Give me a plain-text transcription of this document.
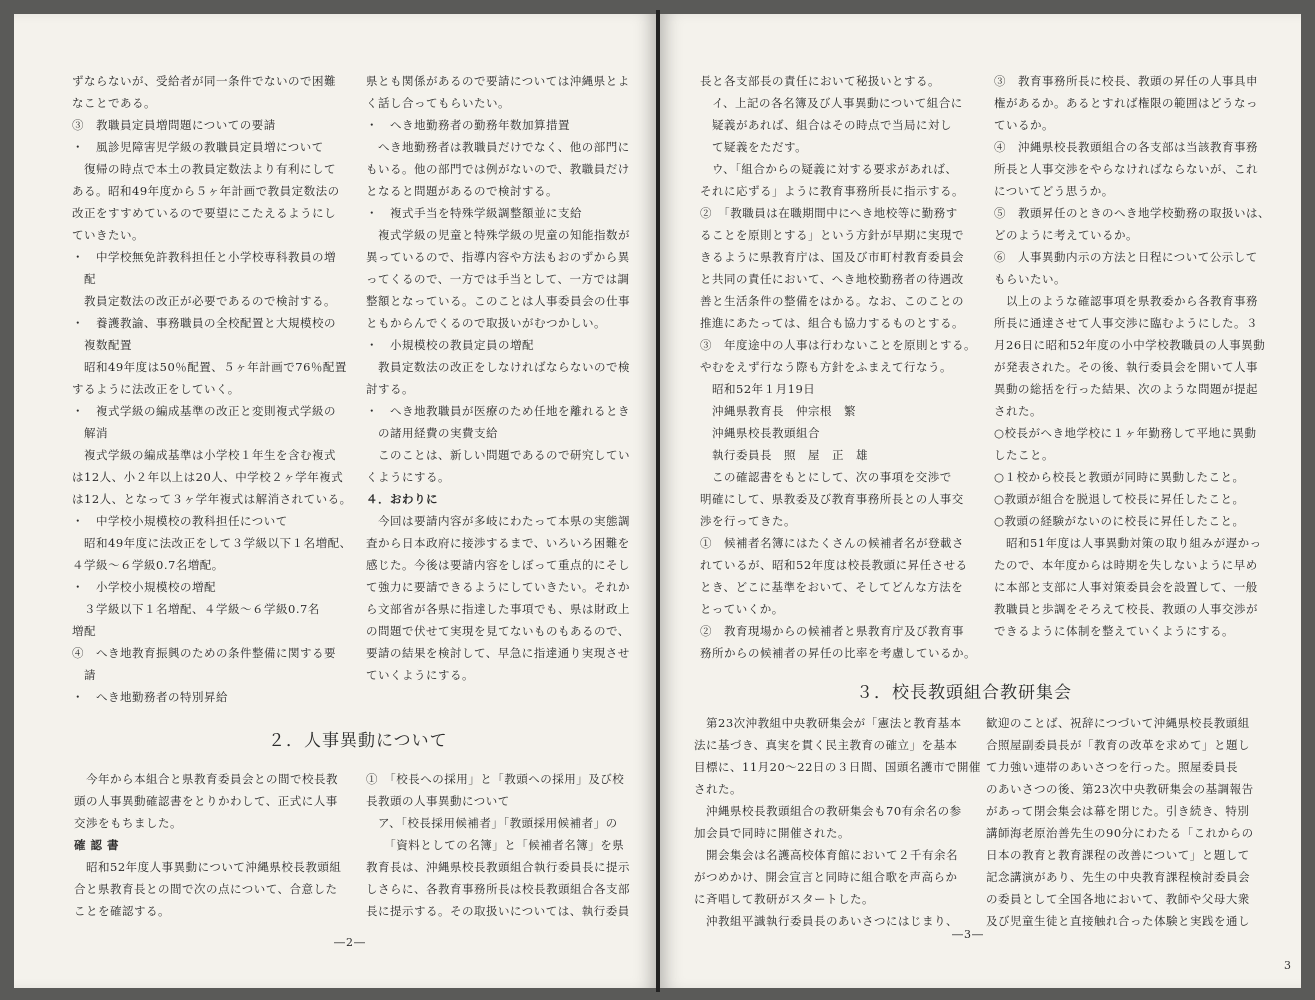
ずならないが、受給者が同一条件でないので困難

なことである。

③　教職員定員増問題についての要請

・　風診児障害児学級の教職員定員増について

　復帰の時点で本土の教員定数法より有利にして

ある。昭和49年度から５ヶ年計画で教員定数法の

改正をすすめているので要望にこたえるようにし

ていきたい。

・　中学校無免許教科担任と小学校専科教員の増

　配

　教員定数法の改正が必要であるので検討する。

・　養護教諭、事務職員の全校配置と大規模校の

　複数配置

　昭和49年度は50％配置、５ヶ年計画で76％配置

するように法改正をしていく。

・　複式学級の編成基準の改正と変則複式学級の

　解消

　複式学級の編成基準は小学校１年生を含む複式

は12人、小２年以上は20人、中学校２ヶ学年複式

は12人、となって３ヶ学年複式は解消されている。

・　中学校小規模校の教科担任について

　昭和49年度に法改正をして３学級以下１名増配、

４学級～６学級0.7名増配。

・　小学校小規模校の増配

　３学級以下１名増配、４学級～６学級0.7名

増配

④　へき地教育振興のための条件整備に関する要

　請

・　へき地勤務者の特別昇給

県とも関係があるので要請については沖縄県とよ

く話し合ってもらいたい。

・　へき地勤務者の勤務年数加算措置

　へき地勤務者は教職員だけでなく、他の部門に

もいる。他の部門では例がないので、教職員だけ

となると問題があるので検討する。

・　複式手当を特殊学級調整額並に支給

　複式学級の児童と特殊学級の児童の知能指数が

異っているので、指導内容や方法もおのずから異

ってくるので、一方では手当として、一方では調

整額となっている。このことは人事委員会の仕事

ともからんでくるので取扱いがむつかしい。

・　小規模校の教員定員の増配

　教員定数法の改正をしなければならないので検

討する。

・　へき地教職員が医療のため任地を離れるとき

　の諸用経費の実費支給

　このことは、新しい問題であるので研究してい

くようにする。

４．おわりに

　今回は要請内容が多岐にわたって本県の実態調

査から日本政府に接渉するまで、いろいろ困難を

感じた。今後は要請内容をしぼって重点的にそし

て強力に要請できるようにしていきたい。それか

ら文部省が各県に指達した事項でも、県は財政上

の問題で伏せて実現を見てないものもあるので、

要請の結果を検討して、早急に指達通り実現させ

ていくようにする。

２．人事異動について

　今年から本組合と県教育委員会との間で校長教

頭の人事異動確認書をとりかわして、正式に人事

交渉をもちました。

確 認 書

　昭和52年度人事異動について沖縄県校長教頭組

合と県教育長との間で次の点について、合意した

ことを確認する。

①　「校長への採用」と「教頭への採用」及び校

長教頭の人事異動について

　ア、「校長採用候補者」「教頭採用候補者」の

　　「資料としての名簿」と「候補者名簿」を県

教育長は、沖縄県校長教頭組合執行委員長に提示

しさらに、各教育事務所長は校長教頭組合各支部

長に提示する。その取扱いについては、執行委員

―2―

長と各支部長の責任において秘扱いとする。

　イ、上記の各名簿及び人事異動について組合に

　疑義があれば、組合はその時点で当局に対し

　て疑義をただす。

　ウ、「組合からの疑義に対する要求があれば、

それに応ずる」ように教育事務所長に指示する。

②　「教職員は在職期間中にへき地校等に勤務す

ることを原則とする」という方針が早期に実現で

きるように県教育庁は、国及び市町村教育委員会

と共同の責任において、へき地校勤務者の待遇改

善と生活条件の整備をはかる。なお、このことの

推進にあたっては、組合も協力するものとする。

③　年度途中の人事は行わないことを原則とする。

やむをえず行なう際も方針をふまえて行なう。

昭和52年１月19日

沖縄県教育長　仲宗根　繁

沖縄県校長教頭組合

執行委員長　照　屋　正　雄

　この確認書をもとにして、次の事項を交渉で

明確にして、県教委及び教育事務所長との人事交

渉を行ってきた。

①　候補者名簿にはたくさんの候補者名が登載さ

れているが、昭和52年度は校長教頭に昇任させる

とき、どこに基準をおいて、そしてどんな方法を

とっていくか。

②　教育現場からの候補者と県教育庁及び教育事

務所からの候補者の昇任の比率を考慮しているか。

③　教育事務所長に校長、教頭の昇任の人事具申

権があるか。あるとすれば権限の範囲はどうなっ

ているか。

④　沖縄県校長教頭組合の各支部は当該教育事務

所長と人事交渉をやらなければならないが、これ

についてどう思うか。

⑤　教頭昇任のときのへき地学校勤務の取扱いは、

どのように考えているか。

⑥　人事異動内示の方法と日程について公示して

もらいたい。

　以上のような確認事項を県教委から各教育事務

所長に通達させて人事交渉に臨むようにした。３

月26日に昭和52年度の小中学校教職員の人事異動

が発表された。その後、執行委員会を開いて人事

異動の総括を行った結果、次のような問題が提起

された。

○校長がへき地学校に１ヶ年勤務して平地に異動

したこと。

○１校から校長と教頭が同時に異動したこと。

○教頭が組合を脱退して校長に昇任したこと。

○教頭の経験がないのに校長に昇任したこと。

　昭和51年度は人事異動対策の取り組みが遅かっ

たので、本年度からは時期を失しないように早め

に本部と支部に人事対策委員会を設置して、一般

教職員と歩調をそろえて校長、教頭の人事交渉が

できるように体制を整えていくようにする。

３．校長教頭組合教研集会

　第23次沖教組中央教研集会が「憲法と教育基本

法に基づき、真実を貫く民主教育の確立」を基本

目標に、11月20～22日の３日間、国頭名護市で開催

された。

　沖縄県校長教頭組合の教研集会も70有余名の参

加会員で同時に開催された。

　開会集会は名護高校体育館において２千有余名

がつめかけ、開会宣言と同時に組合歌を声高らか

に斉唱して教研がスタートした。

　沖教組平識執行委員長のあいさつにはじまり、

歓迎のことば、祝辞につづいて沖縄県校長教頭組

合照屋副委員長が「教育の改革を求めて」と題し

て力強い連帯のあいさつを行った。照屋委員長

のあいさつの後、第23次中央教研集会の基調報告

があって閉会集会は幕を閉じた。引き続き、特別

講師海老原治善先生の90分にわたる「これからの

日本の教育と教育課程の改善について」と題して

記念講演があり、先生の中央教育課程検討委員会

の委員として全国各地において、教師や父母大衆

及び児童生徒と直接触れ合った体験と実践を通し

―3―
3
